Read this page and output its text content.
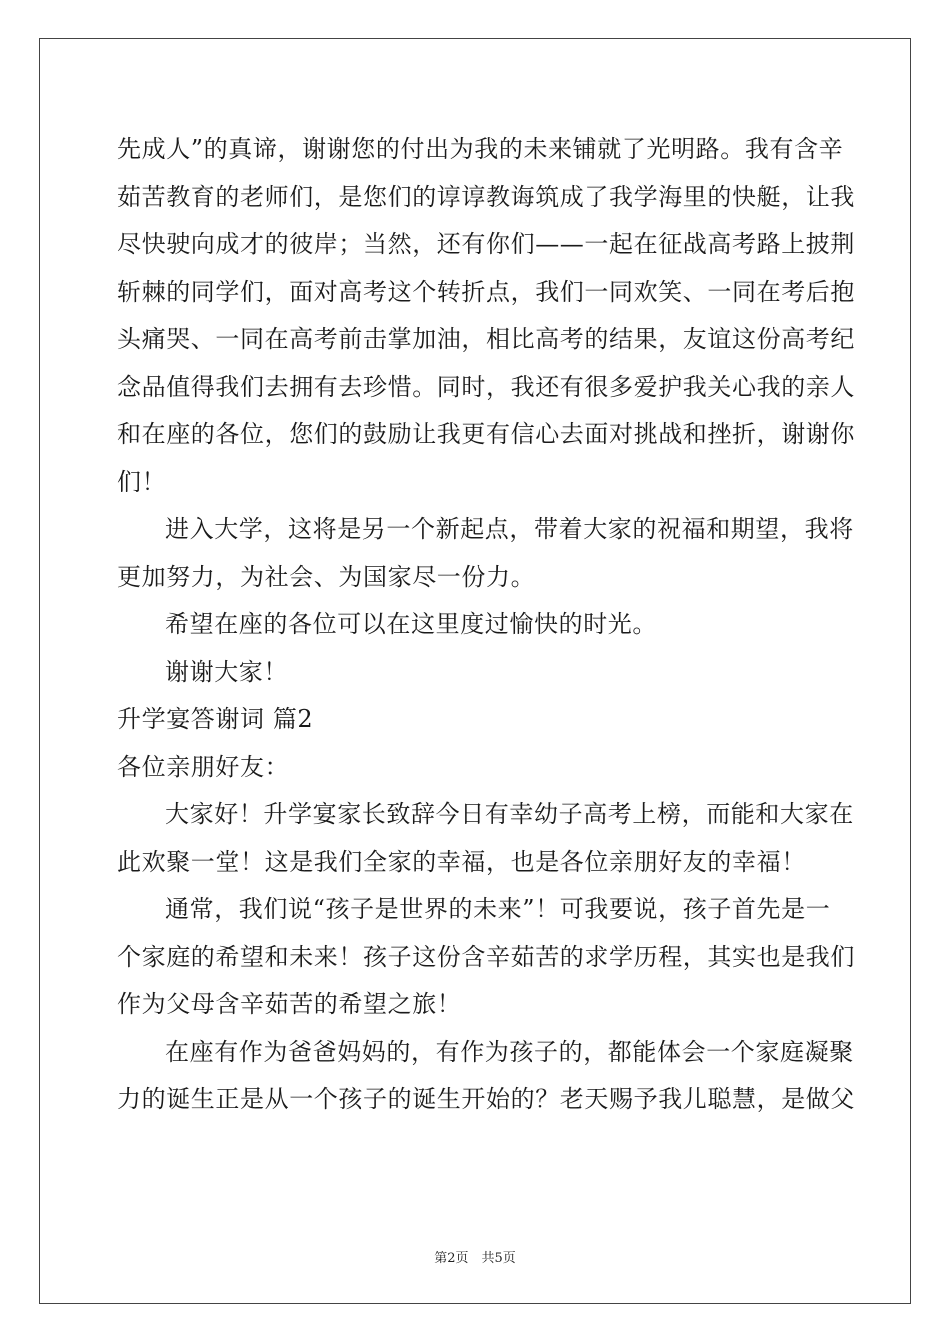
先成人”的真谛，谢谢您的付出为我的未来铺就了光明路。我有含辛
茹苦教育的老师们，是您们的谆谆教诲筑成了我学海里的快艇，让我
尽快驶向成才的彼岸；当然，还有你们——一起在征战高考路上披荆
斩棘的同学们，面对高考这个转折点，我们一同欢笑、一同在考后抱
头痛哭、一同在高考前击掌加油，相比高考的结果，友谊这份高考纪
念品值得我们去拥有去珍惜。同时，我还有很多爱护我关心我的亲人
和在座的各位，您们的鼓励让我更有信心去面对挑战和挫折，谢谢你
们！
进入大学，这将是另一个新起点，带着大家的祝福和期望，我将
更加努力，为社会、为国家尽一份力。
希望在座的各位可以在这里度过愉快的时光。
谢谢大家！
升学宴答谢词 篇2
各位亲朋好友：
大家好！升学宴家长致辞今日有幸幼子高考上榜，而能和大家在
此欢聚一堂！这是我们全家的幸福，也是各位亲朋好友的幸福！
通常，我们说“孩子是世界的未来”！可我要说，孩子首先是一
个家庭的希望和未来！孩子这份含辛茹苦的求学历程，其实也是我们
作为父母含辛茹苦的希望之旅！
在座有作为爸爸妈妈的，有作为孩子的，都能体会一个家庭凝聚
力的诞生正是从一个孩子的诞生开始的？老天赐予我儿聪慧，是做父
第2页　共5页
